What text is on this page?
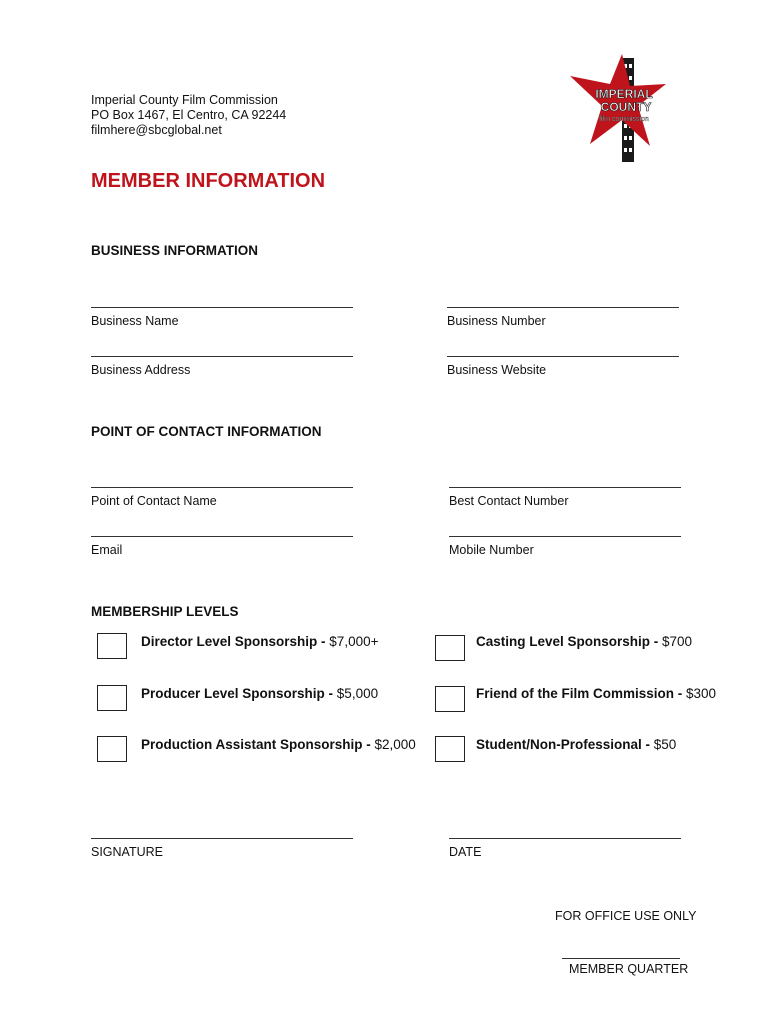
Imperial County Film Commission
PO Box 1467, El Centro, CA 92244
filmhere@sbcglobal.net
IMPERIAL
COUNTY
film commission
MEMBER INFORMATION
BUSINESS INFORMATION
Business Name	Business Number
Business Address	Business Website
POINT OF CONTACT INFORMATION
Point of Contact Name	Best Contact Number
Email	Mobile Number
MEMBERSHIP LEVELS
Director Level Sponsorship - $7,000+	Casting Level Sponsorship - $700
Producer Level Sponsorship - $5,000	Friend of the Film Commission - $300
Production Assistant Sponsorship - $2,000	Student/Non-Professional - $50
SIGNATURE	DATE
FOR OFFICE USE ONLY
MEMBER QUARTER
